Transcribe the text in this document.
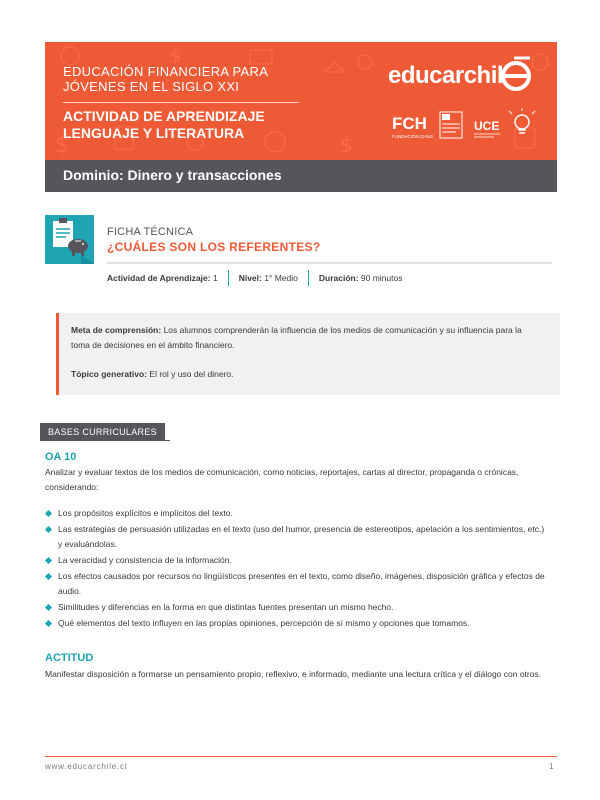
$
$
$
EDUCACIÓN FINANCIERA PARA
JÓVENES EN EL SIGLO XXI
ACTIVIDAD DE APRENDIZAJE
LENGUAJE Y LITERATURA
educarchil
FCH
FUNDACIÓN CHILE
UCE
Dominio: Dinero y transacciones
FICHA TÉCNICA
¿CUÁLES SON LOS REFERENTES?
Actividad de Aprendizaje: 1 Nivel: 1° Medio Duración: 90 minutos

Meta de comprensión: Los alumnos comprenderán la influencia de los medios de comunicación y su influencia para la toma de decisiones en el ámbito financiero.

Tópico generativo: El rol y uso del dinero.

BASES CURRICULARES
OA 10

Analizar y evaluar textos de los medios de comunicación, como noticias, reportajes, cartas al director, propaganda o crónicas, considerando:

Los propósitos explícitos e implícitos del texto.
Las estrategias de persuasión utilizadas en el texto (uso del humor, presencia de estereotipos, apelación a los sentimientos, etc.) y evaluándolas.
La veracidad y consistencia de la información.
Los efectos causados por recursos no lingüísticos presentes en el texto, como diseño, imágenes, disposición gráfica y efectos de audio.
Similitudes y diferencias en la forma en que distintas fuentes presentan un mismo hecho.
Qué elementos del texto influyen en las propias opiniones, percepción de sí mismo y opciones que tomamos.
ACTITUD

Manifestar disposición a formarse un pensamiento propio, reflexivo, e informado, mediante una lectura crítica y el diálogo con otros.

www.educarchile.cl	1
